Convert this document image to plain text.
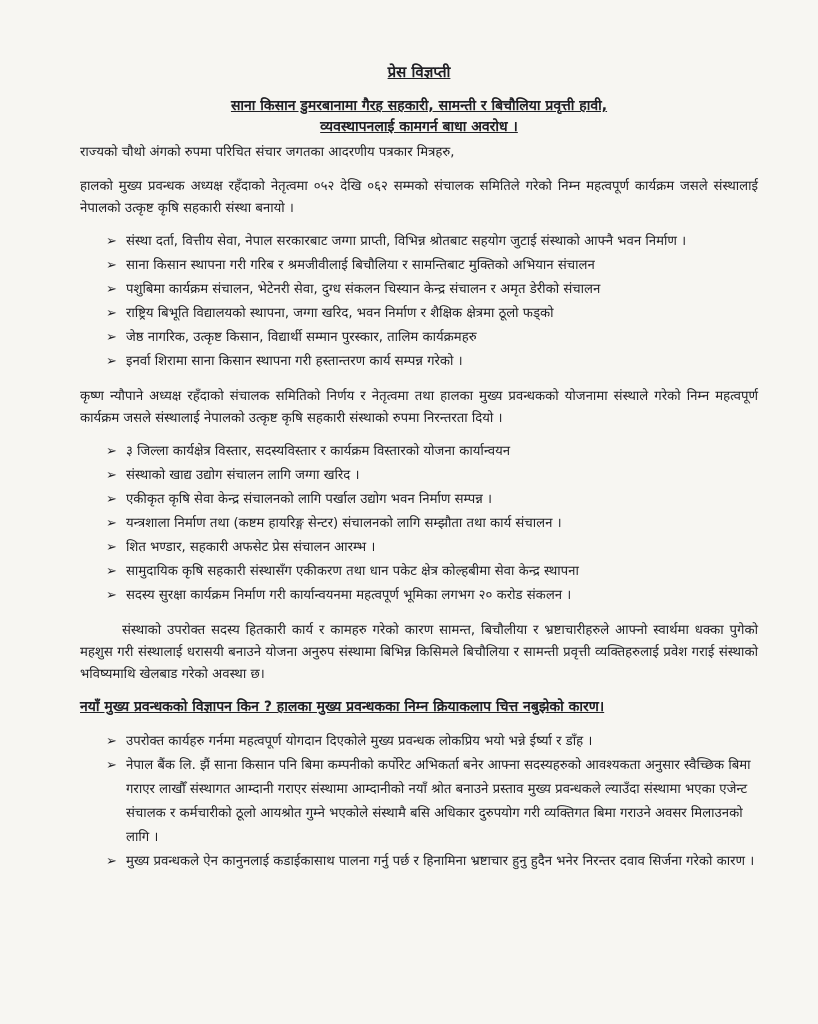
प्रेस विज्ञप्ती
साना किसान डुमरबानामा गैरह सहकारी, सामन्ती र बिचौलिया प्रवृत्ती हावी,
व्यवस्थापनलाई कामगर्न बाधा अवरोध ।

राज्यको चौथो अंगको रुपमा परिचित संचार जगतका आदरणीय पत्रकार मित्रहरु,

हालको मुख्य प्रवन्धक अध्यक्ष रहँदाको नेतृत्वमा ०५२ देखि ०६२ सम्मको संचालक समितिले गरेको निम्न महत्वपूर्ण कार्यक्रम जसले संस्थालाई नेपालको उत्कृष्ट कृषि सहकारी संस्था बनायो ।

➢ संस्था दर्ता, वित्तीय सेवा, नेपाल सरकारबाट जग्गा प्राप्ती, विभिन्न श्रोतबाट सहयोग जुटाई संस्थाको आफ्नै भवन निर्माण ।
➢ साना किसान स्थापना गरी गरिब र श्रमजीवीलाई बिचौलिया र सामन्तिबाट मुक्तिको अभियान संचालन
➢ पशुबिमा कार्यक्रम संचालन, भेटेनरी सेवा, दुग्ध संकलन चिस्यान केन्द्र संचालन र अमृत डेरीको संचालन
➢ राष्ट्रिय बिभूति विद्यालयको स्थापना, जग्गा खरिद, भवन निर्माण र शैक्षिक क्षेत्रमा ठूलो फड्को
➢ जेष्ठ नागरिक, उत्कृष्ट किसान, विद्यार्थी सम्मान पुरस्कार, तालिम कार्यक्रमहरु
➢ इनर्वा शिरामा साना किसान स्थापना गरी हस्तान्तरण कार्य सम्पन्न गरेको ।

कृष्ण न्यौपाने अध्यक्ष रहँदाको संचालक समितिको निर्णय र नेतृत्वमा तथा हालका मुख्य प्रवन्धकको योजनामा संस्थाले गरेको निम्न महत्वपूर्ण कार्यक्रम जसले संस्थालाई नेपालको उत्कृष्ट कृषि सहकारी संस्थाको रुपमा निरन्तरता दियो ।

➢ ३ जिल्ला कार्यक्षेत्र विस्तार, सदस्यविस्तार र कार्यक्रम विस्तारको योजना कार्यान्वयन
➢ संस्थाको खाद्य उद्योग संचालन लागि जग्गा खरिद ।
➢ एकीकृत कृषि सेवा केन्द्र संचालनको लागि पर्खाल उद्योग भवन निर्माण सम्पन्न ।
➢ यन्त्रशाला निर्माण तथा (कष्टम हायरिङ्ग सेन्टर) संचालनको लागि सम्झौता तथा कार्य संचालन ।
➢ शित भण्डार, सहकारी अफसेट प्रेस संचालन आरम्भ ।
➢ सामुदायिक कृषि सहकारी संस्थासँग एकीकरण तथा धान पकेट क्षेत्र कोल्हबीमा सेवा केन्द्र स्थापना
➢ सदस्य सुरक्षा कार्यक्रम निर्माण गरी कार्यान्वयनमा महत्वपूर्ण भूमिका लगभग २० करोड संकलन ।

संस्थाको उपरोक्त सदस्य हितकारी कार्य र कामहरु गरेको कारण सामन्त, बिचौलीया र भ्रष्टाचारीहरुले आफ्नो स्वार्थमा धक्का पुगेको महशुस गरी संस्थालाई धरासयी बनाउने योजना अनुरुप संस्थामा बिभिन्न किसिमले बिचौलिया र सामन्ती प्रवृत्ती व्यक्तिहरुलाई प्रवेश गराई संस्थाको भविष्यमाथि खेलबाड गरेको अवस्था छ।

नयाँ मुख्य प्रवन्धकको विज्ञापन किन ? हालका मुख्य प्रवन्धकका निम्न क्रियाकलाप चित्त नबुझेको कारण।
➢ उपरोक्त कार्यहरु गर्नमा महत्वपूर्ण योगदान दिएकोले मुख्य प्रवन्धक लोकप्रिय भयो भन्ने ईर्ष्या र डाँह ।
➢ नेपाल बैंक लि. झैं साना किसान पनि बिमा कम्पनीको कर्पोरेट अभिकर्ता बनेर आफ्ना सदस्यहरुको आवश्यकता अनुसार स्वैच्छिक बिमा गराएर लाखौँ संस्थागत आम्दानी गराएर संस्थामा आम्दानीको नयाँ श्रोत बनाउने प्रस्ताव मुख्य प्रवन्धकले ल्याउँदा संस्थामा भएका एजेन्ट संचालक र कर्मचारीको ठूलो आयश्रोत गुम्ने भएकोले संस्थामै बसि अधिकार दुरुपयोग गरी व्यक्तिगत बिमा गराउने अवसर मिलाउनको लागि ।
➢ मुख्य प्रवन्धकले ऐन कानुनलाई कडाईकासाथ पालना गर्नु पर्छ र हिनामिना भ्रष्टाचार हुनु हुदैन भनेर निरन्तर दवाव सिर्जना गरेको कारण ।
